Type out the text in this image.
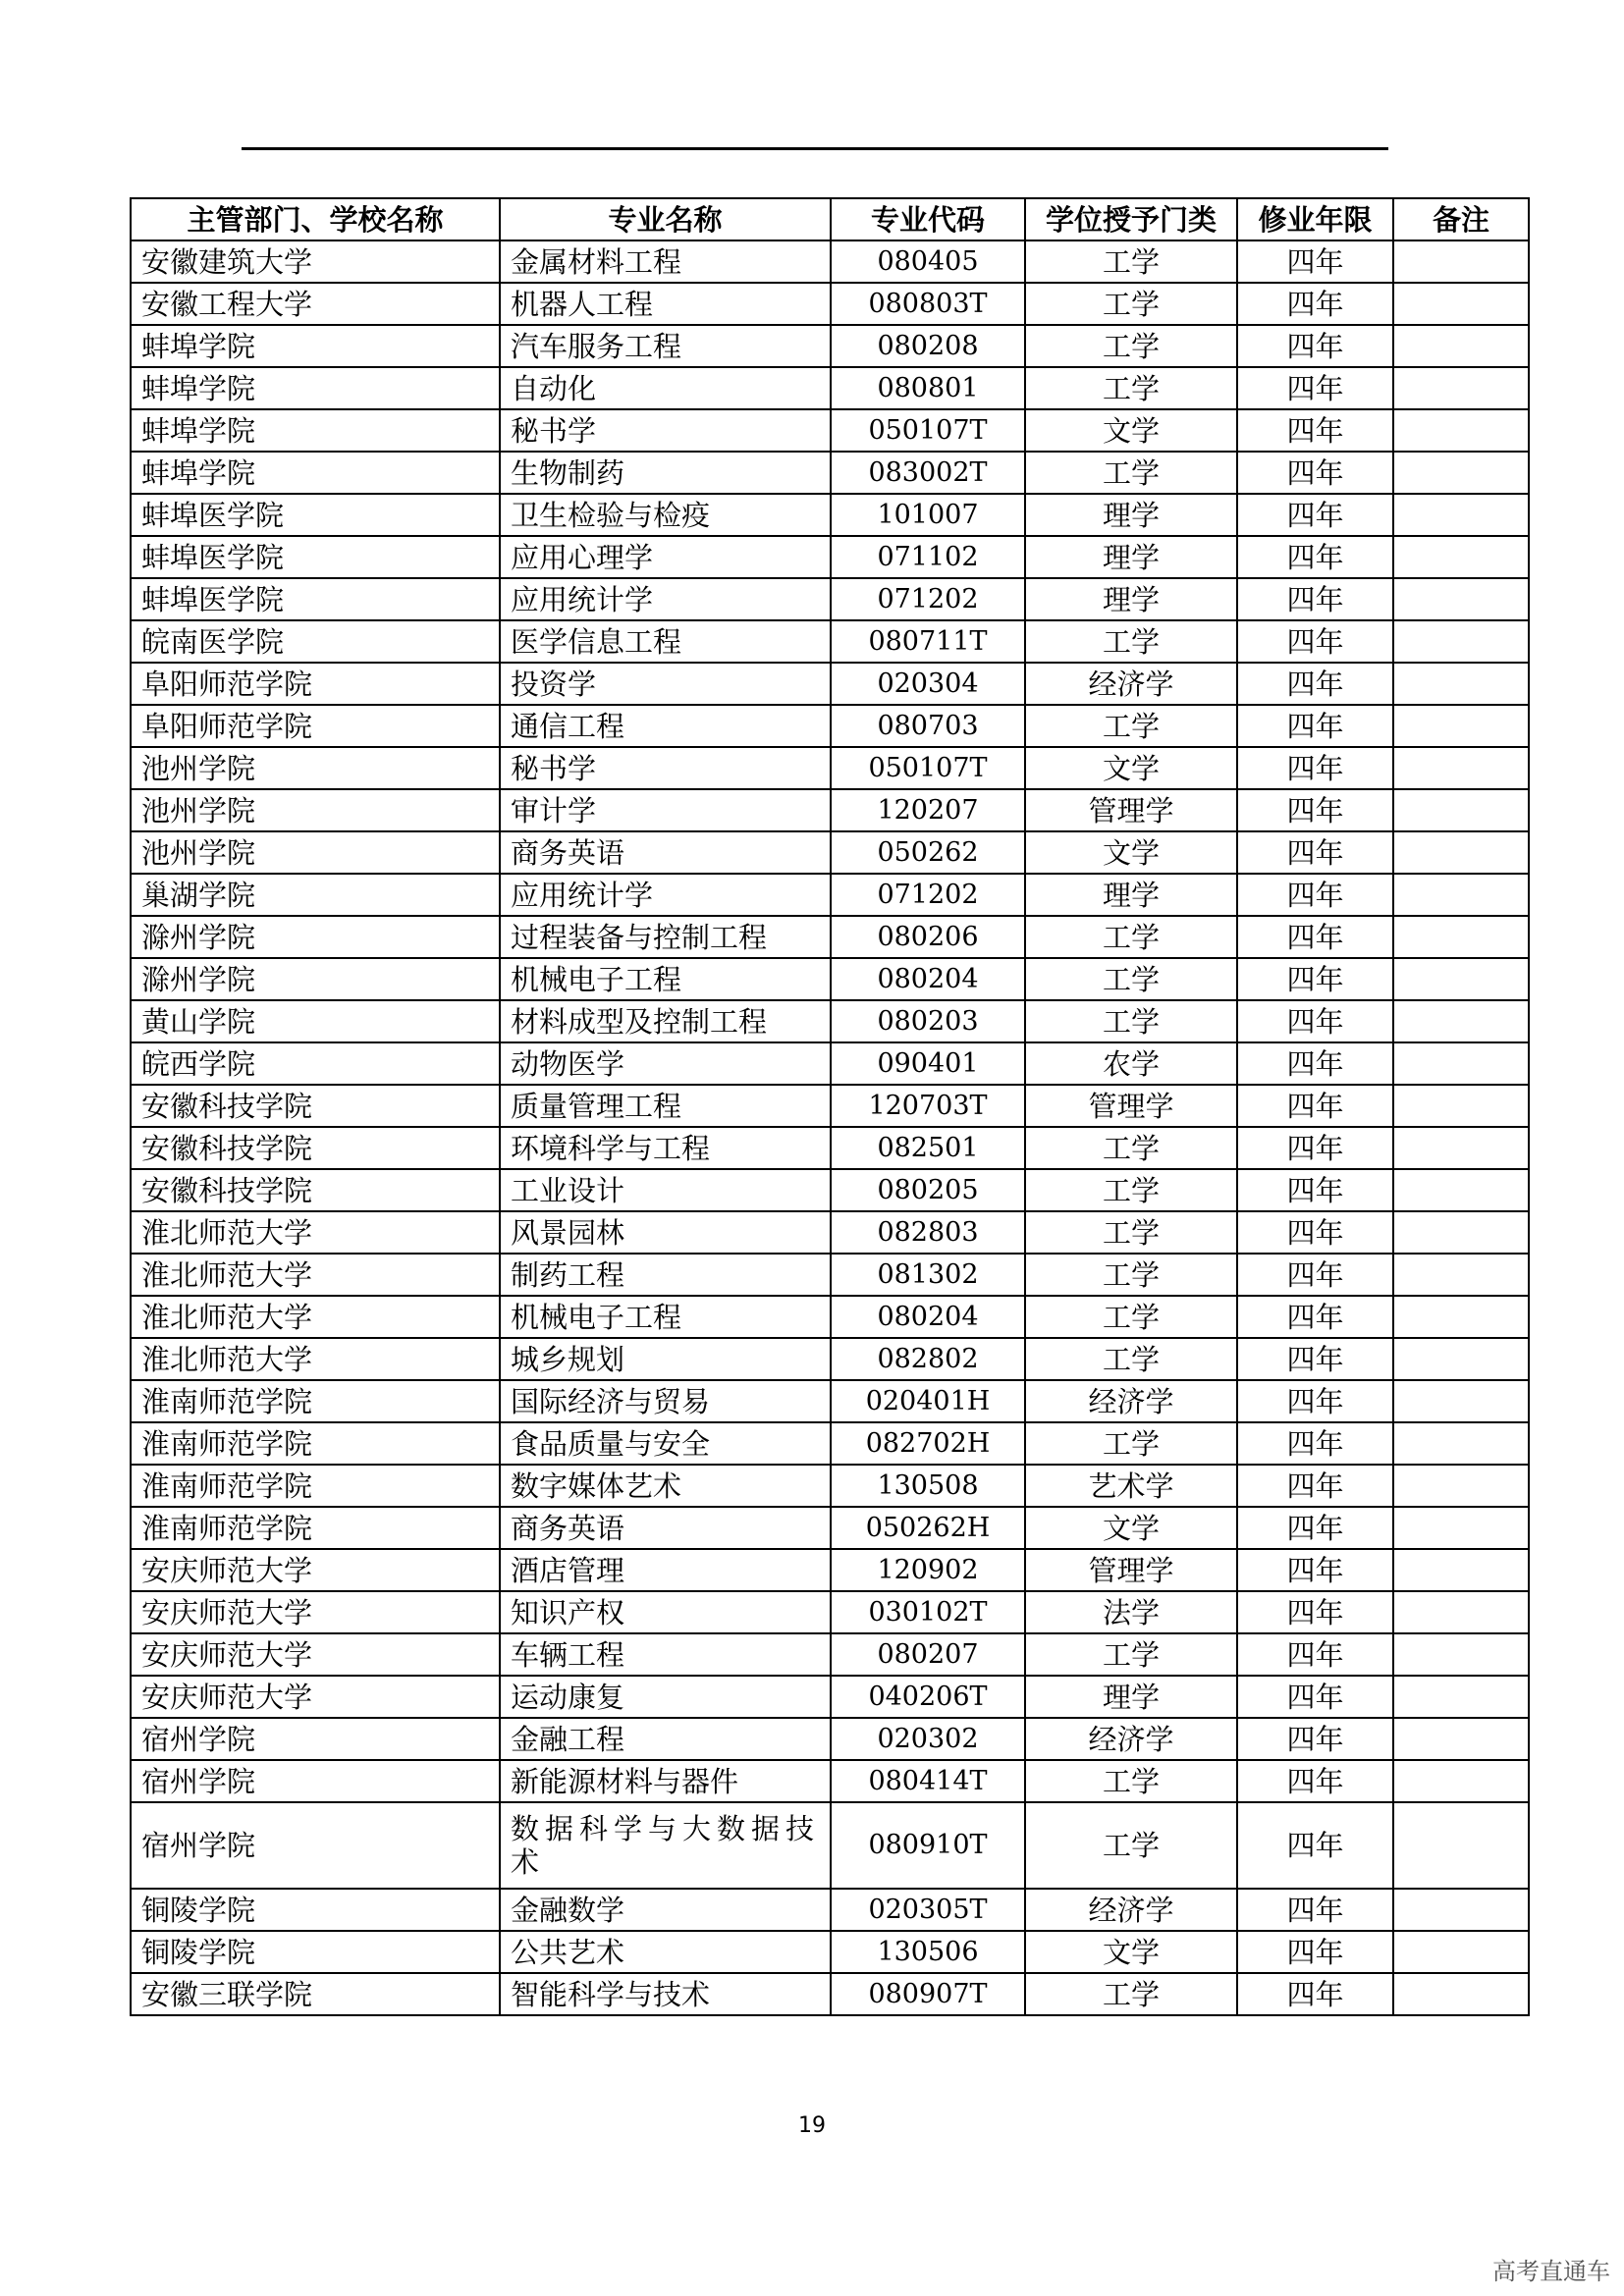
主管部门、学校名称	专业名称	专业代码	学位授予门类	修业年限	备注
安徽建筑大学	金属材料工程	080405	工学	四年	
安徽工程大学	机器人工程	080803T	工学	四年	
蚌埠学院	汽车服务工程	080208	工学	四年	
蚌埠学院	自动化	080801	工学	四年	
蚌埠学院	秘书学	050107T	文学	四年	
蚌埠学院	生物制药	083002T	工学	四年	
蚌埠医学院	卫生检验与检疫	101007	理学	四年	
蚌埠医学院	应用心理学	071102	理学	四年	
蚌埠医学院	应用统计学	071202	理学	四年	
皖南医学院	医学信息工程	080711T	工学	四年	
阜阳师范学院	投资学	020304	经济学	四年	
阜阳师范学院	通信工程	080703	工学	四年	
池州学院	秘书学	050107T	文学	四年	
池州学院	审计学	120207	管理学	四年	
池州学院	商务英语	050262	文学	四年	
巢湖学院	应用统计学	071202	理学	四年	
滁州学院	过程装备与控制工程	080206	工学	四年	
滁州学院	机械电子工程	080204	工学	四年	
黄山学院	材料成型及控制工程	080203	工学	四年	
皖西学院	动物医学	090401	农学	四年	
安徽科技学院	质量管理工程	120703T	管理学	四年	
安徽科技学院	环境科学与工程	082501	工学	四年	
安徽科技学院	工业设计	080205	工学	四年	
淮北师范大学	风景园林	082803	工学	四年	
淮北师范大学	制药工程	081302	工学	四年	
淮北师范大学	机械电子工程	080204	工学	四年	
淮北师范大学	城乡规划	082802	工学	四年	
淮南师范学院	国际经济与贸易	020401H	经济学	四年	
淮南师范学院	食品质量与安全	082702H	工学	四年	
淮南师范学院	数字媒体艺术	130508	艺术学	四年	
淮南师范学院	商务英语	050262H	文学	四年	
安庆师范大学	酒店管理	120902	管理学	四年	
安庆师范大学	知识产权	030102T	法学	四年	
安庆师范大学	车辆工程	080207	工学	四年	
安庆师范大学	运动康复	040206T	理学	四年	
宿州学院	金融工程	020302	经济学	四年	
宿州学院	新能源材料与器件	080414T	工学	四年	
宿州学院	数据科学与大数据技术	080910T	工学	四年	
铜陵学院	金融数学	020305T	经济学	四年	
铜陵学院	公共艺术	130506	文学	四年	
安徽三联学院	智能科学与技术	080907T	工学	四年	
19
高考直通车
